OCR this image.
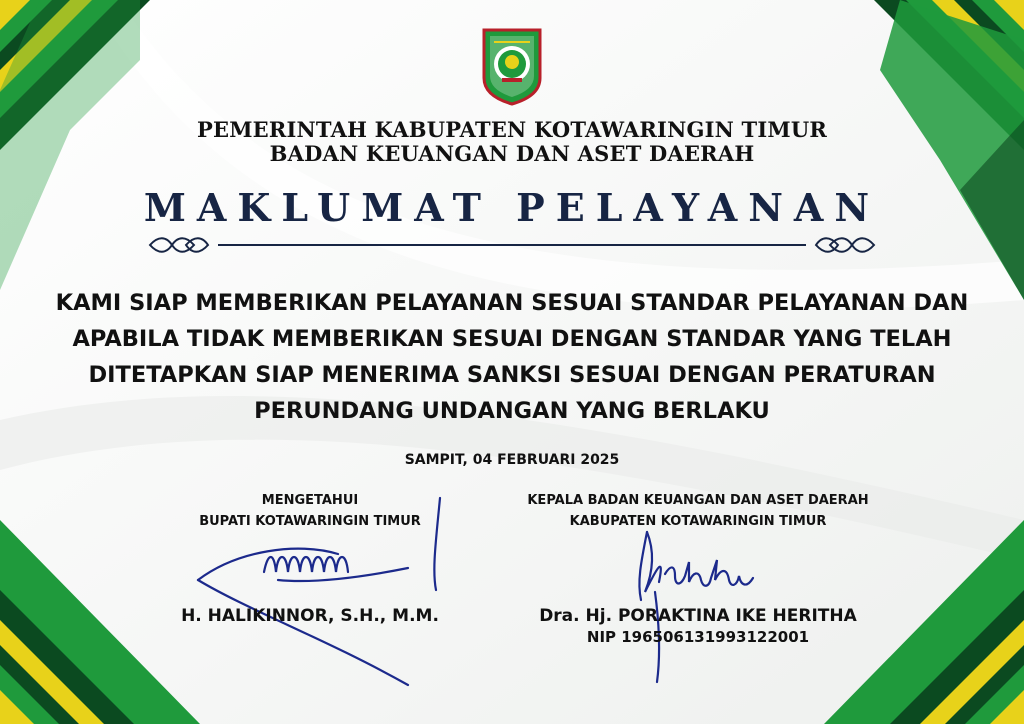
PEMERINTAH KABUPATEN KOTAWARINGIN TIMUR
BADAN KEUANGAN DAN ASET DAERAH
MAKLUMAT PELAYANAN
KAMI SIAP MEMBERIKAN PELAYANAN SESUAI STANDAR PELAYANAN DAN
APABILA TIDAK MEMBERIKAN SESUAI DENGAN STANDAR YANG TELAH
DITETAPKAN SIAP MENERIMA SANKSI SESUAI DENGAN PERATURAN
PERUNDANG UNDANGAN YANG BERLAKU
SAMPIT, 04 FEBRUARI 2025
MENGETAHUI
BUPATI KOTAWARINGIN TIMUR
H. HALIKINNOR, S.H., M.M.
KEPALA BADAN KEUANGAN DAN ASET DAERAH
KABUPATEN KOTAWARINGIN TIMUR
Dra. Hj. PORAKTINA IKE HERITHA
NIP 196506131993122001
